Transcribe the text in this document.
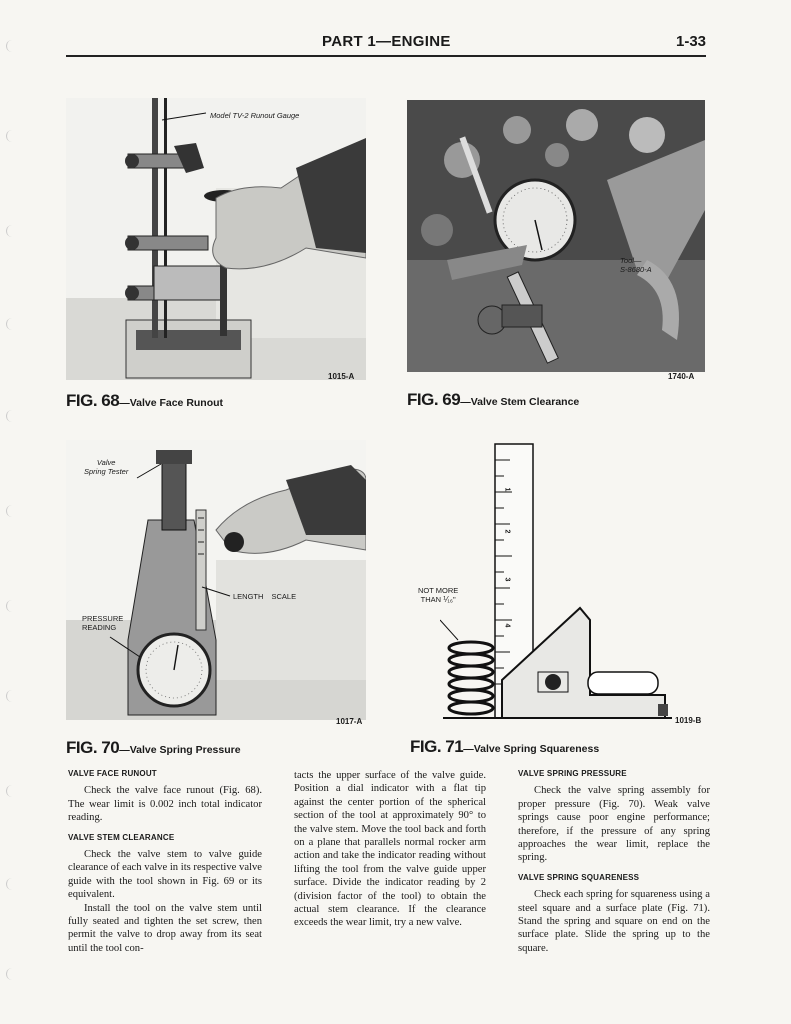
PART 1—ENGINE	1-33
Model TV-2 Runout Gauge
1015-A
FIG. 68—Valve Face Runout
Tool—
S-8680-A
1740-A
FIG. 69—Valve Stem Clearance
Valve
Spring Tester
LENGTH SCALE
PRESSURE
READING
1017-A
FIG. 70—Valve Spring Pressure
1
2
3
4
NOT MORE
THAN ⅟₁₆"
1019-B
FIG. 71—Valve Spring Squareness
VALVE FACE RUNOUT

Check the valve face runout (Fig. 68). The wear limit is 0.002 inch total indicator reading.

VALVE STEM CLEARANCE

Check the valve stem to valve guide clearance of each valve in its respective valve guide with the tool shown in Fig. 69 or its equivalent.

Install the tool on the valve stem until fully seated and tighten the set screw, then permit the valve to drop away from its seat until the tool con-

tacts the upper surface of the valve guide. Position a dial indicator with a flat tip against the center portion of the spherical section of the tool at approximately 90° to the valve stem. Move the tool back and forth on a plane that parallels normal rocker arm action and take the indicator reading without lifting the tool from the valve guide upper surface. Divide the indicator reading by 2 (division factor of the tool) to obtain the actual stem clearance. If the clearance exceeds the wear limit, try a new valve.

VALVE SPRING PRESSURE

Check the valve spring assembly for proper pressure (Fig. 70). Weak valve springs cause poor engine performance; therefore, if the pressure of any spring approaches the wear limit, replace the spring.

VALVE SPRING SQUARENESS

Check each spring for squareness using a steel square and a surface plate (Fig. 71). Stand the spring and square on end on the surface plate. Slide the spring up to the square.
